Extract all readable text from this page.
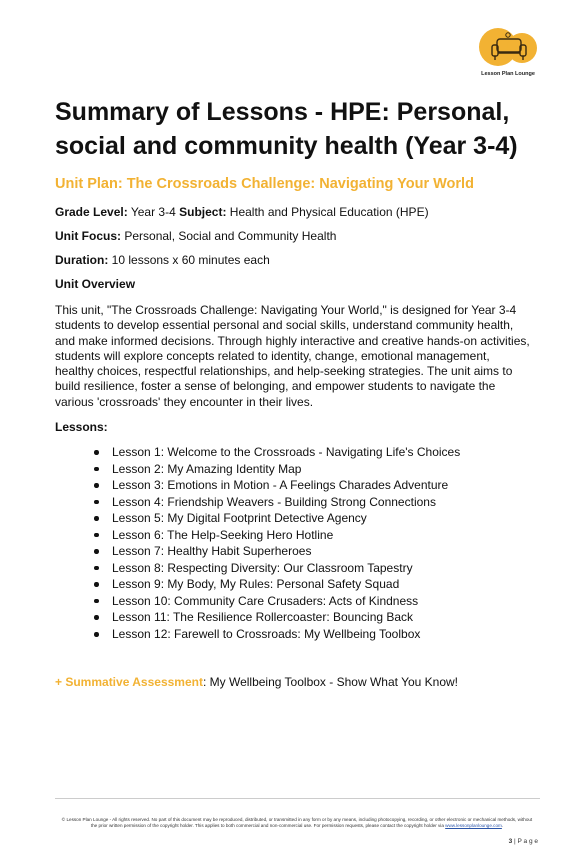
Lesson Plan Lounge
Summary of Lessons - HPE: Personal, social and community health (Year 3-4)
Unit Plan: The Crossroads Challenge: Navigating Your World
Grade Level: Year 3-4 Subject: Health and Physical Education (HPE)
Unit Focus: Personal, Social and Community Health
Duration: 10 lessons x 60 minutes each
Unit Overview

This unit, "The Crossroads Challenge: Navigating Your World," is designed for Year 3-4 students to develop essential personal and social skills, understand community health, and make informed decisions. Through highly interactive and creative hands-on activities, students will explore concepts related to identity, change, emotional management, healthy choices, respectful relationships, and help-seeking strategies. The unit aims to build resilience, foster a sense of belonging, and empower students to navigate the various 'crossroads' they encounter in their lives.

Lessons:
Lesson 1: Welcome to the Crossroads - Navigating Life's Choices
Lesson 2: My Amazing Identity Map
Lesson 3: Emotions in Motion - A Feelings Charades Adventure
Lesson 4: Friendship Weavers - Building Strong Connections
Lesson 5: My Digital Footprint Detective Agency
Lesson 6: The Help-Seeking Hero Hotline
Lesson 7: Healthy Habit Superheroes
Lesson 8: Respecting Diversity: Our Classroom Tapestry
Lesson 9: My Body, My Rules: Personal Safety Squad
Lesson 10: Community Care Crusaders: Acts of Kindness
Lesson 11: The Resilience Rollercoaster: Bouncing Back
Lesson 12: Farewell to Crossroads: My Wellbeing Toolbox
+ Summative Assessment: My Wellbeing Toolbox - Show What You Know!

© Lesson Plan Lounge - All rights reserved. No part of this document may be reproduced, distributed, or transmitted in any form or by any means, including photocopying, recording, or other electronic or mechanical methods, without the prior written permission of the copyright holder. This applies to both commercial and non-commercial use. For permission requests, please contact the copyright holder via www.lessonplanlounge.com.

3 | P a g e
